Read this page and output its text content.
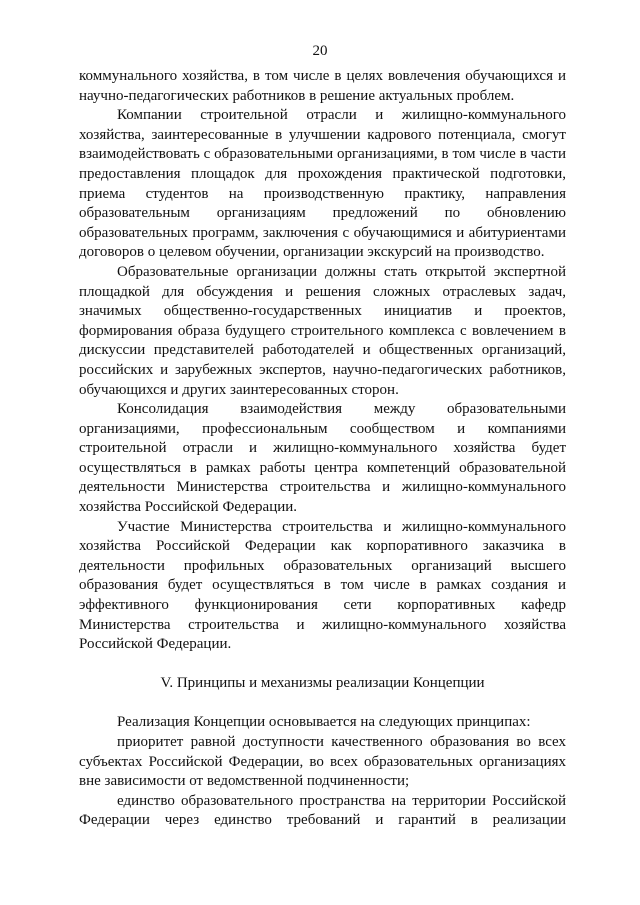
20

коммунального хозяйства, в том числе в целях вовлечения обучающихся и научно-педагогических работников в решение актуальных проблем.

Компании строительной отрасли и жилищно-коммунального хозяйства, заинтересованные в улучшении кадрового потенциала, смогут взаимодействовать с образовательными организациями, в том числе в части предоставления площадок для прохождения практической подготовки, приема студентов на производственную практику, направления образовательным организациям предложений по обновлению образовательных программ, заключения с обучающимися и абитуриентами договоров о целевом обучении, организации экскурсий на производство.

Образовательные организации должны стать открытой экспертной площадкой для обсуждения и решения сложных отраслевых задач, значимых общественно-государственных инициатив и проектов, формирования образа будущего строительного комплекса с вовлечением в дискуссии представителей работодателей и общественных организаций, российских и зарубежных экспертов, научно-педагогических работников, обучающихся и других заинтересованных сторон.

Консолидация взаимодействия между образовательными организациями, профессиональным сообществом и компаниями строительной отрасли и жилищно-коммунального хозяйства будет осуществляться в рамках работы центра компетенций образовательной деятельности Министерства строительства и жилищно-коммунального хозяйства Российской Федерации.

Участие Министерства строительства и жилищно-коммунального хозяйства Российской Федерации как корпоративного заказчика в деятельности профильных образовательных организаций высшего образования будет осуществляться в том числе в рамках создания и эффективного функционирования сети корпоративных кафедр Министерства строительства и жилищно-коммунального хозяйства Российской Федерации.

V. Принципы и механизмы реализации Концепции

Реализация Концепции основывается на следующих принципах:

приоритет равной доступности качественного образования во всех субъектах Российской Федерации, во всех образовательных организациях вне зависимости от ведомственной подчиненности;

единство образовательного пространства на территории Российской Федерации через единство требований и гарантий в реализации
